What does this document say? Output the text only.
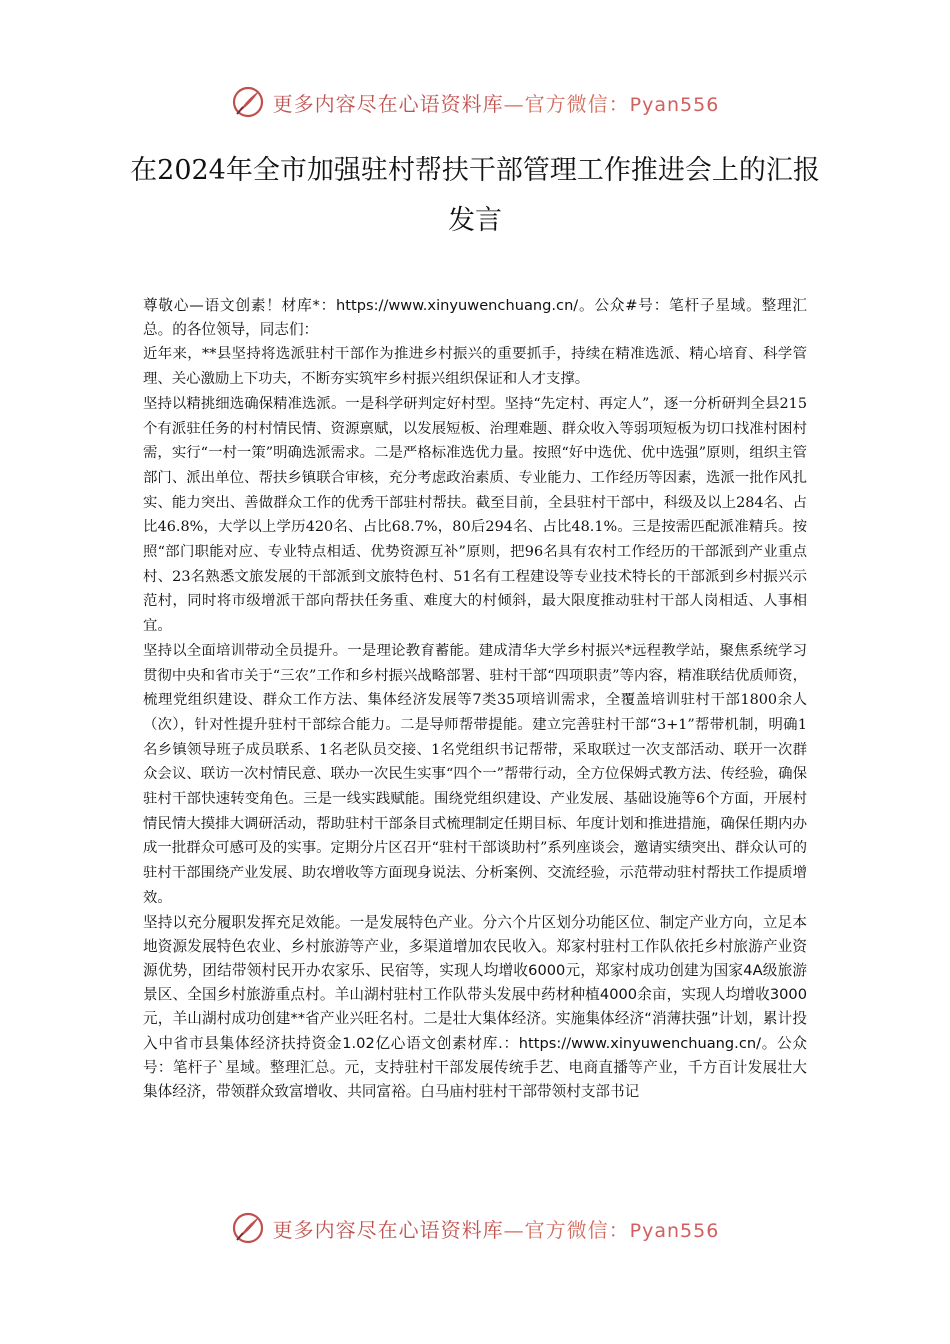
更多内容尽在心语资料库—官方微信：Pyan556
在2024年全市加强驻村帮扶干部管理工作推进会上的汇报发言

尊敬心—语文创素！材库*：https://www.xinyuwenchuang.cn/。公众#号：笔杆子星域。整理汇总。的各位领导，同志们：

近年来，**县坚持将选派驻村干部作为推进乡村振兴的重要抓手，持续在精准选派、精心培育、科学管理、关心激励上下功夫，不断夯实筑牢乡村振兴组织保证和人才支撑。

坚持以精挑细选确保精准选派。一是科学研判定好村型。坚持“先定村、再定人”，逐一分析研判全县215个有派驻任务的村村情民情、资源禀赋，以发展短板、治理难题、群众收入等弱项短板为切口找准村困村需，实行“一村一策”明确选派需求。二是严格标准选优力量。按照“好中选优、优中选强”原则，组织主管部门、派出单位、帮扶乡镇联合审核，充分考虑政治素质、专业能力、工作经历等因素，选派一批作风扎实、能力突出、善做群众工作的优秀干部驻村帮扶。截至目前，全县驻村干部中，科级及以上284名、占比46.8%，大学以上学历420名、占比68.7%，80后294名、占比48.1%。三是按需匹配派准精兵。按照“部门职能对应、专业特点相适、优势资源互补”原则，把96名具有农村工作经历的干部派到产业重点村、23名熟悉文旅发展的干部派到文旅特色村、51名有工程建设等专业技术特长的干部派到乡村振兴示范村，同时将市级增派干部向帮扶任务重、难度大的村倾斜，最大限度推动驻村干部人岗相适、人事相宜。

坚持以全面培训带动全员提升。一是理论教育蓄能。建成清华大学乡村振兴*远程教学站，聚焦系统学习贯彻中央和省市关于“三农”工作和乡村振兴战略部署、驻村干部“四项职责”等内容，精准联结优质师资，梳理党组织建设、群众工作方法、集体经济发展等7类35项培训需求，全覆盖培训驻村干部1800余人（次），针对性提升驻村干部综合能力。二是导师帮带提能。建立完善驻村干部“3+1”帮带机制，明确1名乡镇领导班子成员联系、1名老队员交接、1名党组织书记帮带，采取联过一次支部活动、联开一次群众会议、联访一次村情民意、联办一次民生实事“四个一”帮带行动，全方位保姆式教方法、传经验，确保驻村干部快速转变角色。三是一线实践赋能。围绕党组织建设、产业发展、基础设施等6个方面，开展村情民情大摸排大调研活动，帮助驻村干部条目式梳理制定任期目标、年度计划和推进措施，确保任期内办成一批群众可感可及的实事。定期分片区召开“驻村干部谈助村”系列座谈会，邀请实绩突出、群众认可的驻村干部围绕产业发展、助农增收等方面现身说法、分析案例、交流经验，示范带动驻村帮扶工作提质增效。

坚持以充分履职发挥充足效能。一是发展特色产业。分六个片区划分功能区位、制定产业方向，立足本地资源发展特色农业、乡村旅游等产业，多渠道增加农民收入。郑家村驻村工作队依托乡村旅游产业资源优势，团结带领村民开办农家乐、民宿等，实现人均增收6000元，郑家村成功创建为国家4A级旅游景区、全国乡村旅游重点村。羊山湖村驻村工作队带头发展中药材种植4000余亩，实现人均增收3000元，羊山湖村成功创建**省产业兴旺名村。二是壮大集体经济。实施集体经济“消薄扶强”计划，累计投入中省市县集体经济扶持资金1.02亿心语文创素材库.：https://www.xinyuwenchuang.cn/。公众号：笔杆子`星域。整理汇总。元，支持驻村干部发展传统手艺、电商直播等产业，千方百计发展壮大集体经济，带领群众致富增收、共同富裕。白马庙村驻村干部带领村支部书记

更多内容尽在心语资料库—官方微信：Pyan556
